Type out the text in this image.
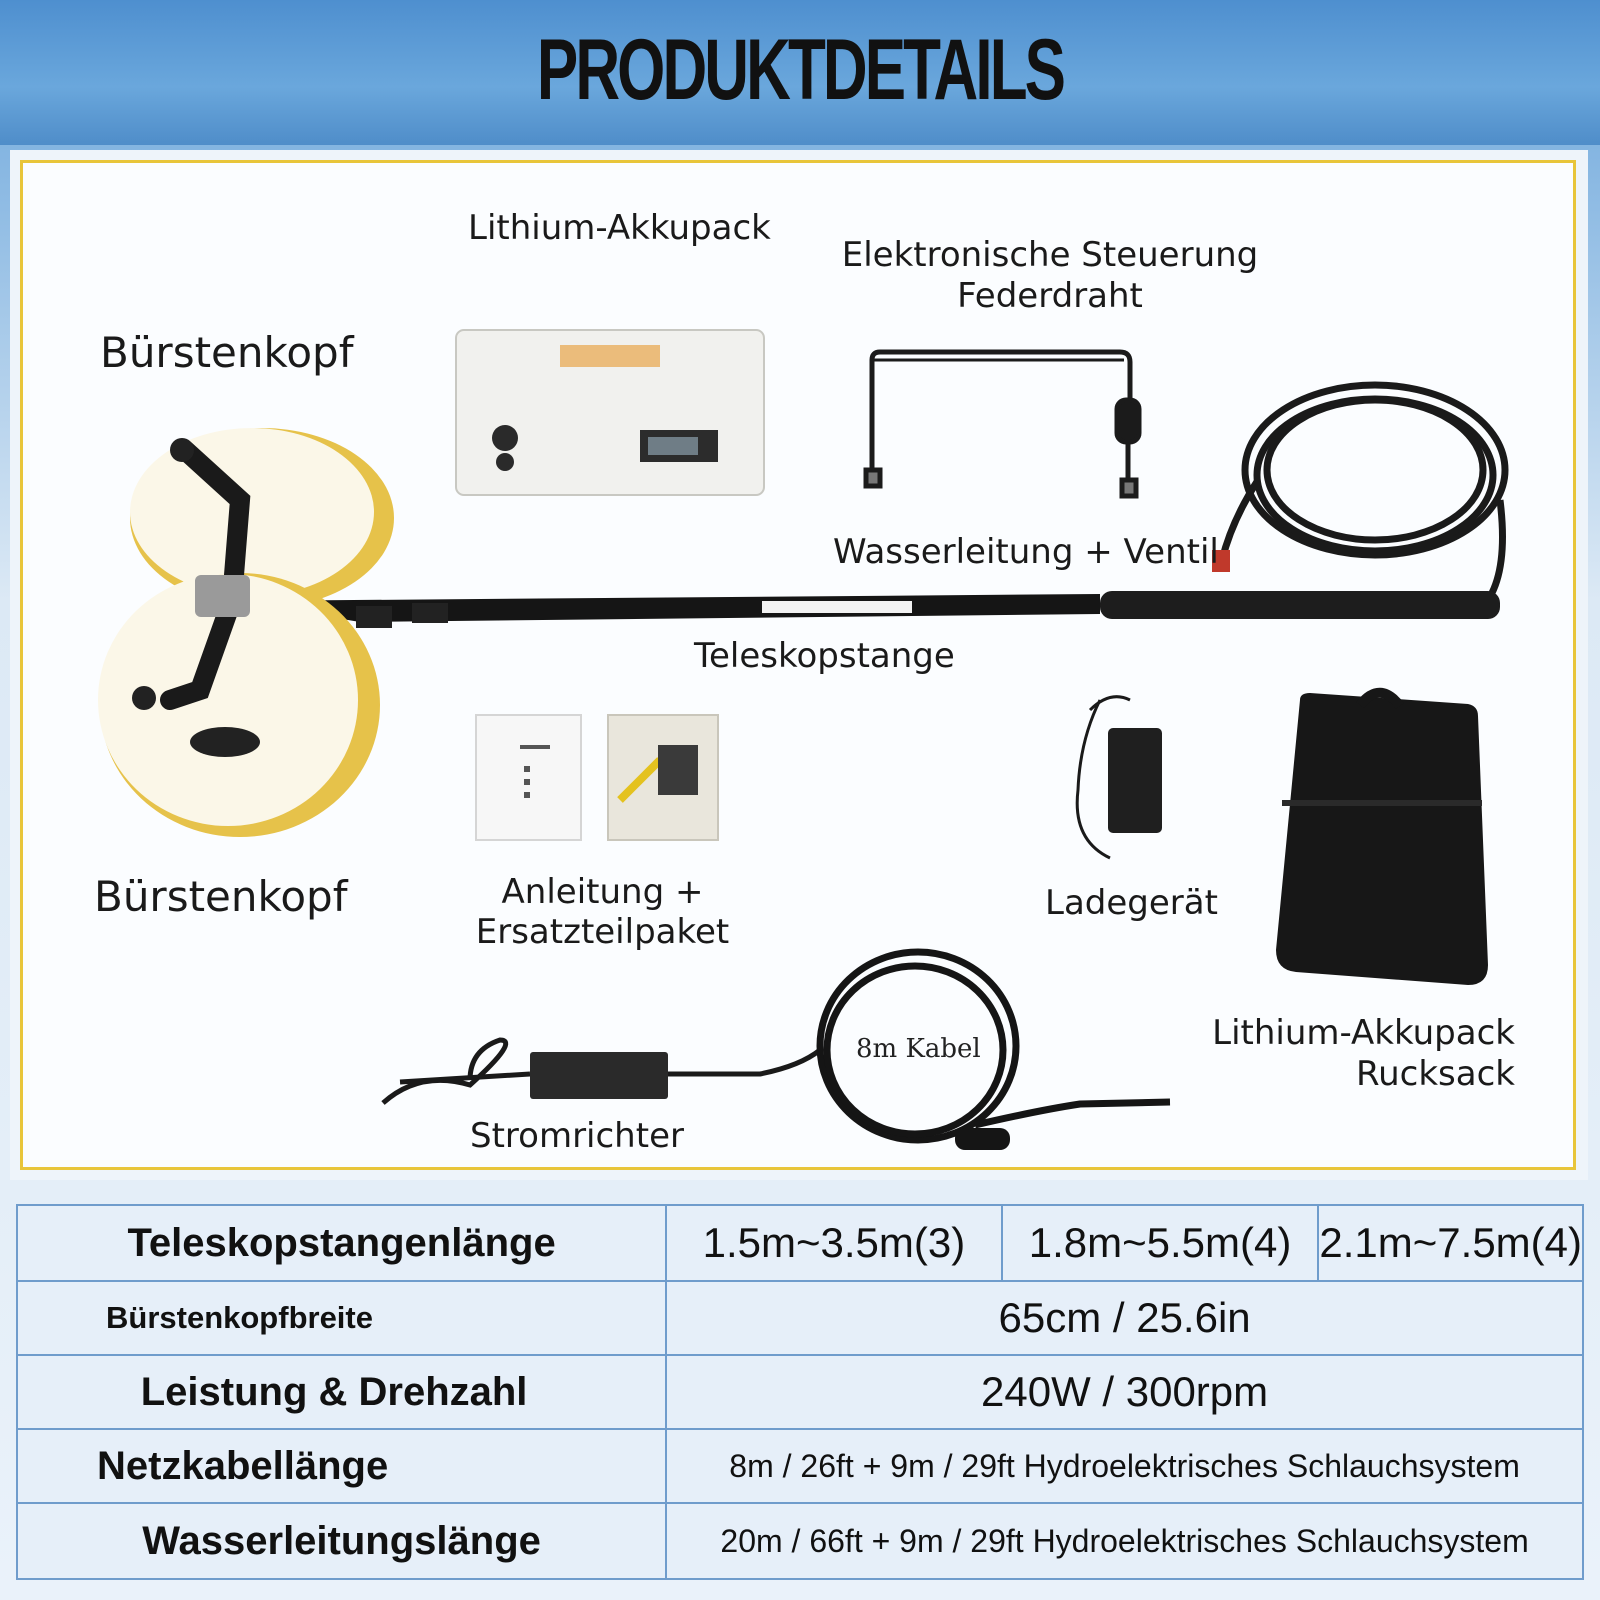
PRODUKTDETAILS
Lithium-Akkupack
Elektronische Steuerung
Federdraht
Bürstenkopf
Wasserleitung + Ventil
Teleskopstange
Bürstenkopf	Anleitung +
Ersatzteilpaket
Ladegerät
Lithium-Akkupack
Rucksack
8m Kabel
Stromrichter
Teleskopstangenlänge	1.5m~3.5m(3)	1.8m~5.5m(4)	2.1m~7.5m(4)
Bürstenkopfbreite	65cm / 25.6in		
Leistung & Drehzahl	240W / 300rpm		
Netzkabellänge	8m / 26ft + 9m / 29ft Hydroelektrisches Schlauchsystem		
Wasserleitungslänge	20m / 66ft + 9m / 29ft Hydroelektrisches Schlauchsystem		
